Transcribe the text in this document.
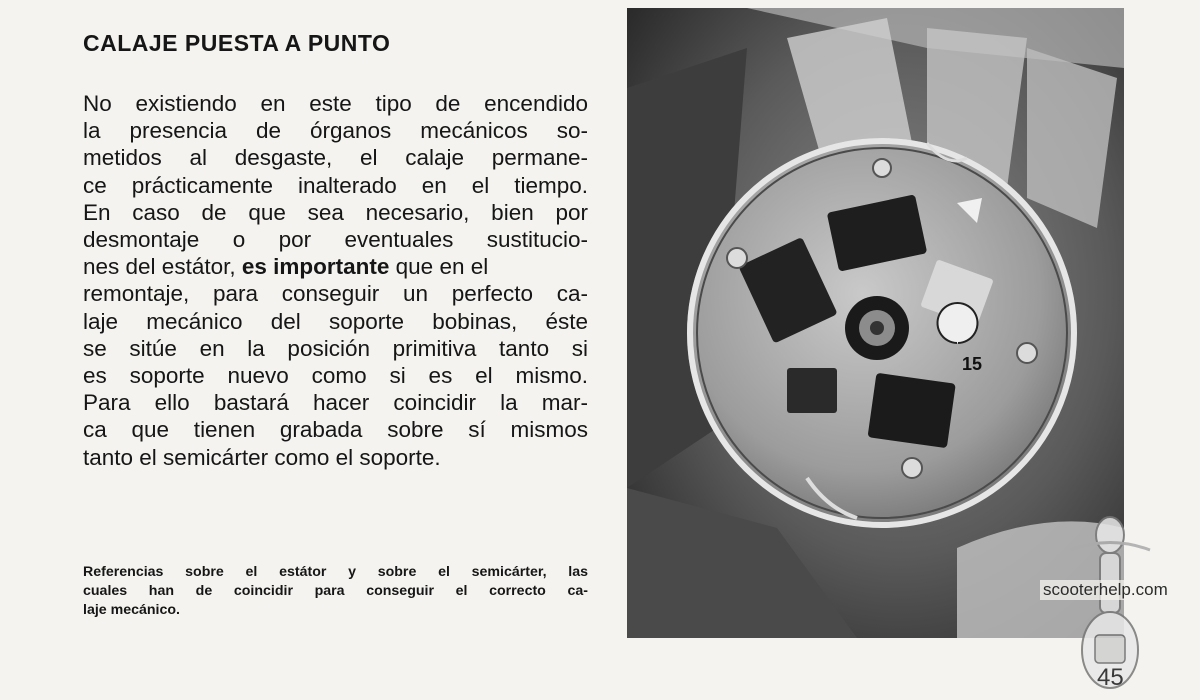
CALAJE PUESTA A PUNTO

No existiendo en este tipo de encendido
la presencia de órganos mecánicos so-
metidos al desgaste, el calaje permane-
ce prácticamente inalterado en el tiempo.
En caso de que sea necesario, bien por
desmontaje o por eventuales sustitucio-
nes del estátor, es importante que en el
remontaje, para conseguir un perfecto ca-
laje mecánico del soporte bobinas, éste
se sitúe en la posición primitiva tanto si
es soporte nuevo como si es el mismo.
Para ello bastará hacer coincidir la mar-
ca que tienen grabada sobre sí mismos
tanto el semicárter como el soporte.

Referencias sobre el estátor y sobre el semicárter, las
cuales han de coincidir para conseguir el correcto ca-
laje mecánico.

15
scooterhelp.com
45
